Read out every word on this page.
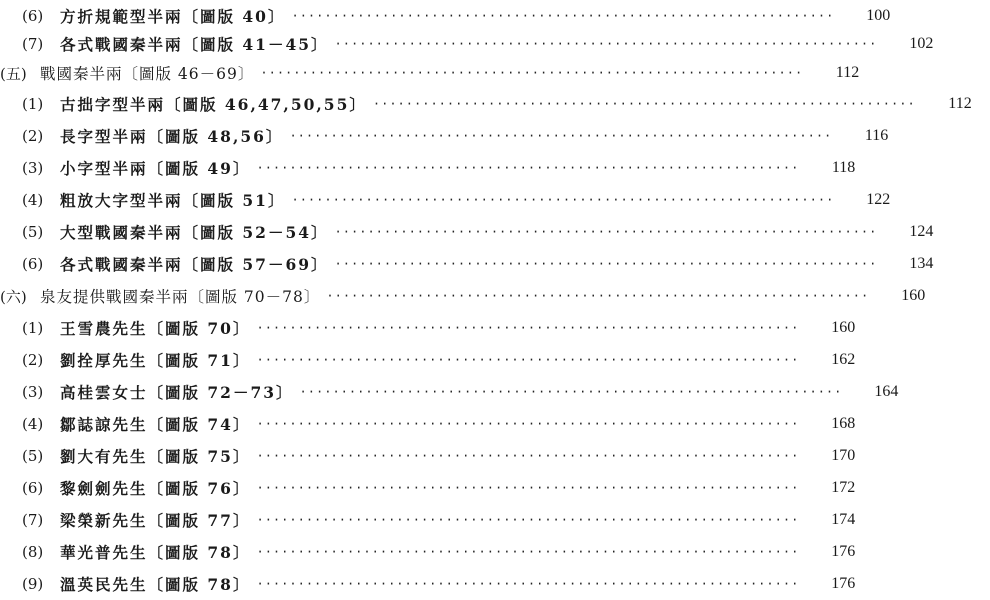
(6)	方折規範型半兩〔圖版 40〕 ··································································	100
(7)	各式戰國秦半兩〔圖版 41－45〕 ··································································	102
(五) 戰國秦半兩〔圖版 46－69〕 ··································································	112
(1)	古拙字型半兩〔圖版 46,47,50,55〕 ··································································	112
(2)	長字型半兩〔圖版 48,56〕 ··································································	116
(3)	小字型半兩〔圖版 49〕 ··································································	118
(4)	粗放大字型半兩〔圖版 51〕 ··································································	122
(5)	大型戰國秦半兩〔圖版 52－54〕 ··································································	124
(6)	各式戰國秦半兩〔圖版 57－69〕 ··································································	134
(六) 泉友提供戰國秦半兩〔圖版 70－78〕 ··································································	160
(1)	王雪農先生〔圖版 70〕 ··································································	160
(2)	劉拴厚先生〔圖版 71〕 ··································································	162
(3)	高桂雲女士〔圖版 72－73〕 ··································································	164
(4)	鄒誌諒先生〔圖版 74〕 ··································································	168
(5)	劉大有先生〔圖版 75〕 ··································································	170
(6)	黎劍劍先生〔圖版 76〕 ··································································	172
(7)	梁榮新先生〔圖版 77〕 ··································································	174
(8)	華光普先生〔圖版 78〕 ··································································	176
(9)	溫英民先生〔圖版 78〕 ··································································	176
